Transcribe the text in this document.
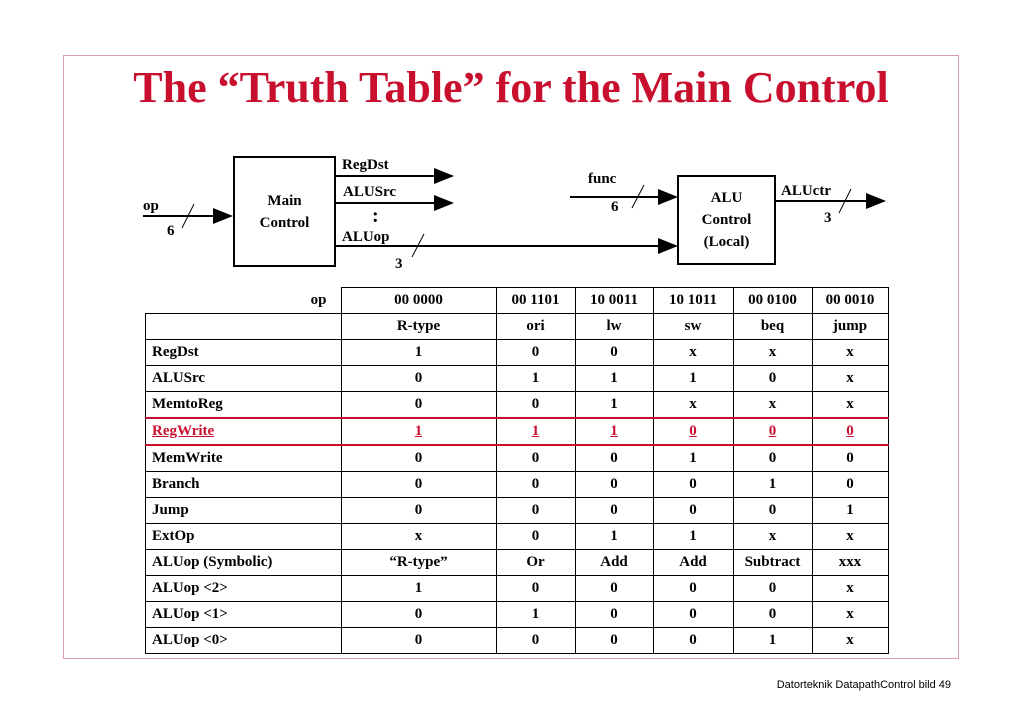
The “Truth Table” for the Main Control
Main
Control
ALU
Control
(Local)
op
6
RegDst
ALUSrc
:
ALUop
3
func
6
ALUctr
3
op	00 0000	00 1101	10 0011	10 1011	00 0100	00 0010
	R-type	ori	lw	sw	beq	jump
RegDst	1	0	0	x	x	x
ALUSrc	0	1	1	1	0	x
MemtoReg	0	0	1	x	x	x
RegWrite	1	1	1	0	0	0
MemWrite	0	0	0	1	0	0
Branch	0	0	0	0	1	0
Jump	0	0	0	0	0	1
ExtOp	x	0	1	1	x	x
ALUop (Symbolic)	“R-type”	Or	Add	Add	Subtract	xxx
ALUop <2>	1	0	0	0	0	x
ALUop <1>	0	1	0	0	0	x
ALUop <0>	0	0	0	0	1	x
Datorteknik DatapathControl bild 49
